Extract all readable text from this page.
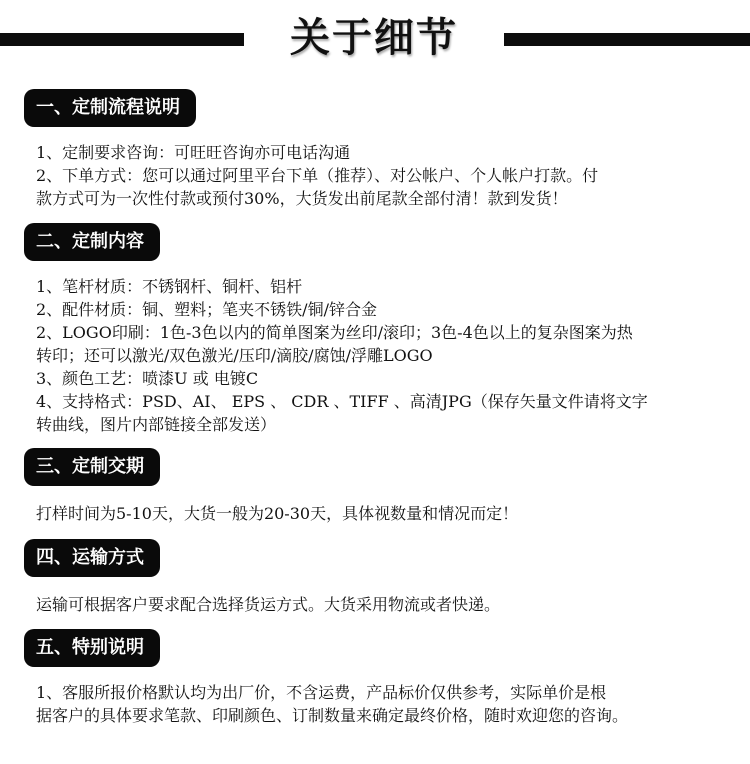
关于细节
一、定制流程说明
1、定制要求咨询：可旺旺咨询亦可电话沟通
2、下单方式：您可以通过阿里平台下单（推荐）、对公帐户、个人帐户打款。付
款方式可为一次性付款或预付30%，大货发出前尾款全部付清！款到发货！
二、定制内容
1、笔杆材质：不锈钢杆、铜杆、铝杆
2、配件材质：铜、塑料；笔夹不锈铁/铜/锌合金
2、LOGO印刷：1色-3色以内的简单图案为丝印/滚印；3色-4色以上的复杂图案为热
转印；还可以激光/双色激光/压印/滴胶/腐蚀/浮雕LOGO
3、颜色工艺：喷漆U 或 电镀C
4、支持格式：PSD、AI、 EPS 、 CDR 、TIFF 、高清JPG（保存矢量文件请将文字
转曲线，图片内部链接全部发送）
三、定制交期
打样时间为5-10天，大货一般为20-30天，具体视数量和情况而定！
四、运输方式
运输可根据客户要求配合选择货运方式。大货采用物流或者快递。
五、特别说明
1、客服所报价格默认均为出厂价，不含运费，产品标价仅供参考，实际单价是根
据客户的具体要求笔款、印刷颜色、订制数量来确定最终价格，随时欢迎您的咨询。
